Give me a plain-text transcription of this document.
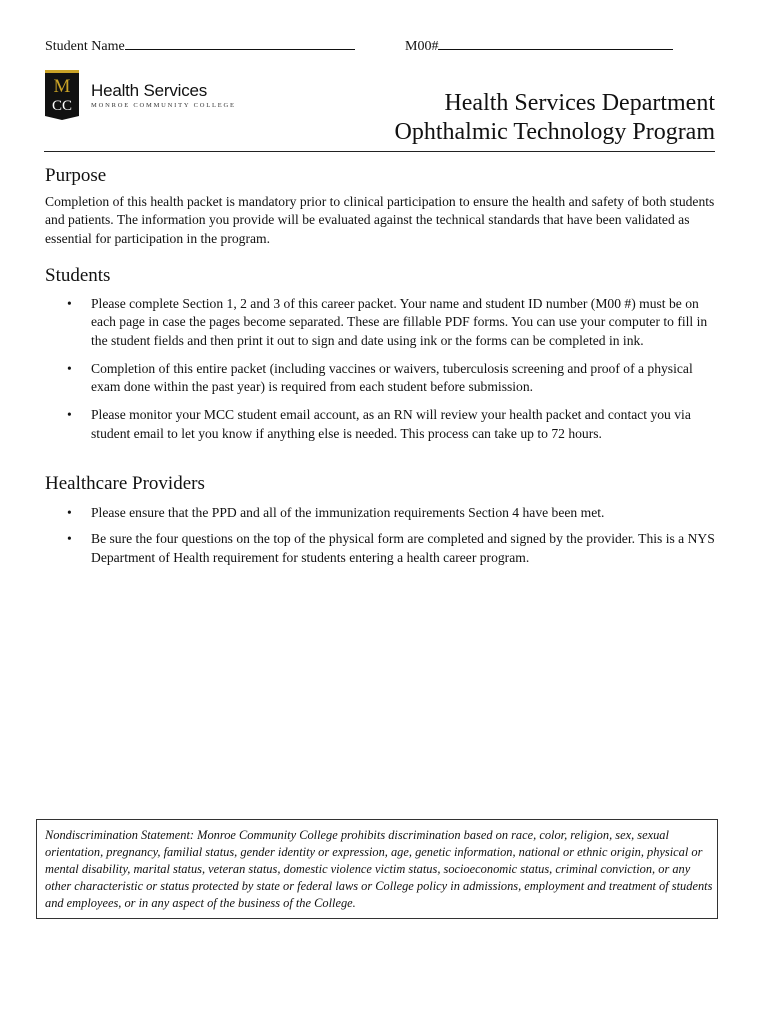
Student Name	M00#
M
CC
Health Services
MONROE COMMUNITY COLLEGE	Health Services Department
Ophthalmic Technology Program
Purpose
Completion of this health packet is mandatory prior to clinical participation to ensure the health and safety of both students and patients. The information you provide will be evaluated against the technical standards that have been validated as essential for participation in the program.
Students
• Please complete Section 1, 2 and 3 of this career packet. Your name and student ID number (M00 #) must be on each page in case the pages become separated. These are fillable PDF forms. You can use your computer to fill in the student fields and then print it out to sign and date using ink or the forms can be completed in ink.
• Completion of this entire packet (including vaccines or waivers, tuberculosis screening and proof of a physical exam done within the past year) is required from each student before submission.
• Please monitor your MCC student email account, as an RN will review your health packet and contact you via student email to let you know if anything else is needed. This process can take up to 72 hours.
Healthcare Providers
• Please ensure that the PPD and all of the immunization requirements Section 4 have been met.
• Be sure the four questions on the top of the physical form are completed and signed by the provider. This is a NYS Department of Health requirement for students entering a health career program.
Nondiscrimination Statement: Monroe Community College prohibits discrimination based on race, color, religion, sex, sexual orientation, pregnancy, familial status, gender identity or expression, age, genetic information, national or ethnic origin, physical or mental disability, marital status, veteran status, domestic violence victim status, socioeconomic status, criminal conviction, or any other characteristic or status protected by state or federal laws or College policy in admissions, employment and treatment of students and employees, or in any aspect of the business of the College.
